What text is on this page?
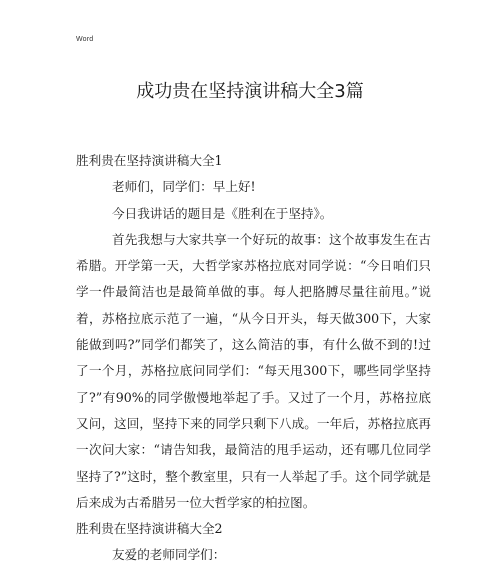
Word
成功贵在坚持演讲稿大全3篇

胜利贵在坚持演讲稿大全1

老师们，同学们：早上好!

今日我讲话的题目是《胜利在于坚持》。

首先我想与大家共享一个好玩的故事：这个故事发生在古希腊。开学第一天，大哲学家苏格拉底对同学说：“今日咱们只学一件最简洁也是最简单做的事。每人把胳膊尽量往前甩。”说着，苏格拉底示范了一遍，“从今日开头，每天做300下，大家能做到吗?”同学们都笑了，这么简洁的事，有什么做不到的!过了一个月，苏格拉底问同学们：“每天甩300下，哪些同学坚持了?”有90%的同学傲慢地举起了手。又过了一个月，苏格拉底又问，这回，坚持下来的同学只剩下八成。一年后，苏格拉底再一次问大家：“请告知我，最简洁的甩手运动，还有哪几位同学坚持了?”这时，整个教室里，只有一人举起了手。这个同学就是后来成为古希腊另一位大哲学家的柏拉图。

胜利贵在坚持演讲稿大全2

友爱的老师同学们：
